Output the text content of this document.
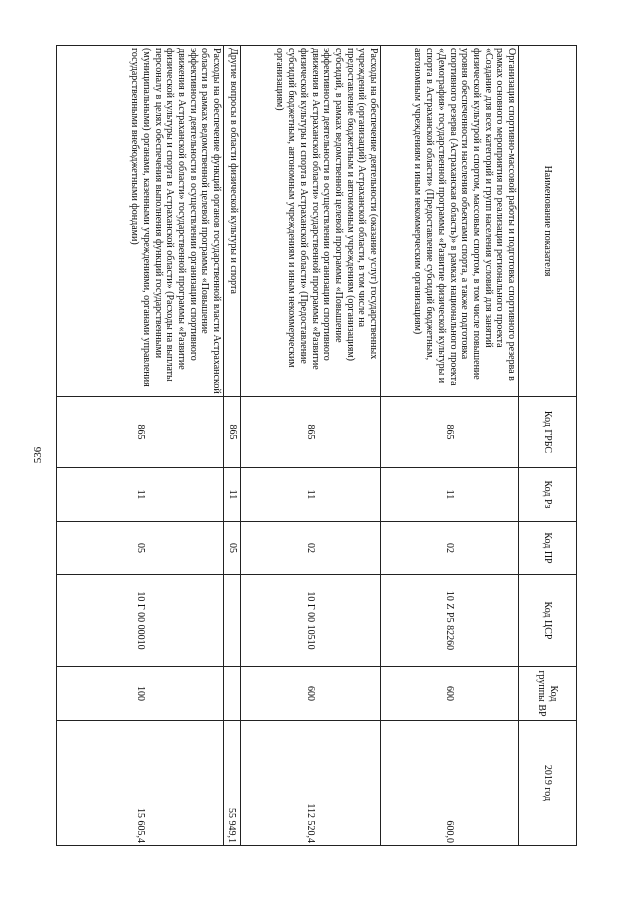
536
Наименование показателя	Код ГРБС	Код Рз	Код ПР	Код ЦСР	Код группы ВР	2019 год
Организация спортивно-массовой работы и подготовка спортивного резерва в рамках основного мероприятия по реализации регионального проекта «Создание для всех категорий и групп населения условий для занятий физической культурой и спортом, массовым спортом, в том числе повышение уровня обеспеченности населения объектами спорта, а также подготовка спортивного резерва (Астраханская область)» в рамках национального проекта «Демография» государственной программы «Развитие физической культуры и спорта в Астраханской области» (Предоставление субсидий бюджетным, автономным учреждениям и иным некоммерческим организациям)	865	11	02	10 Z P5 82260	600	600,0
Расходы на обеспечение деятельности (оказание услуг) государственных учреждений (организаций) Астраханской области, в том числе на предоставление бюджетным и автономным учреждениям (организациям) субсидий, в рамках ведомственной целевой программы «Повышение эффективности деятельности в осуществлении организации спортивного движения в Астраханской области» государственной программы «Развитие физической культуры и спорта в Астраханской области» (Предоставление субсидий бюджетным, автономным учреждениям и иным некоммерческим организациям)	865	11	02	10 Г 00 10510	600	112 520,4
Другие вопросы в области физической культуры и спорта	865	11	05			55 949,1
Расходы на обеспечение функций органов государственной власти Астраханской области в рамках ведомственной целевой программы «Повышение эффективности деятельности в осуществлении организации спортивного движения в Астраханской области» государственной программы «Развитие физической культуры и спорта в Астраханской области» (Расходы на выплаты персоналу в целях обеспечения выполнения функций государственными (муниципальными) органами, казенными учреждениями, органами управления государственными внебюджетными фондами)	865	11	05	10 Г 00 00010	100	15 605,4
